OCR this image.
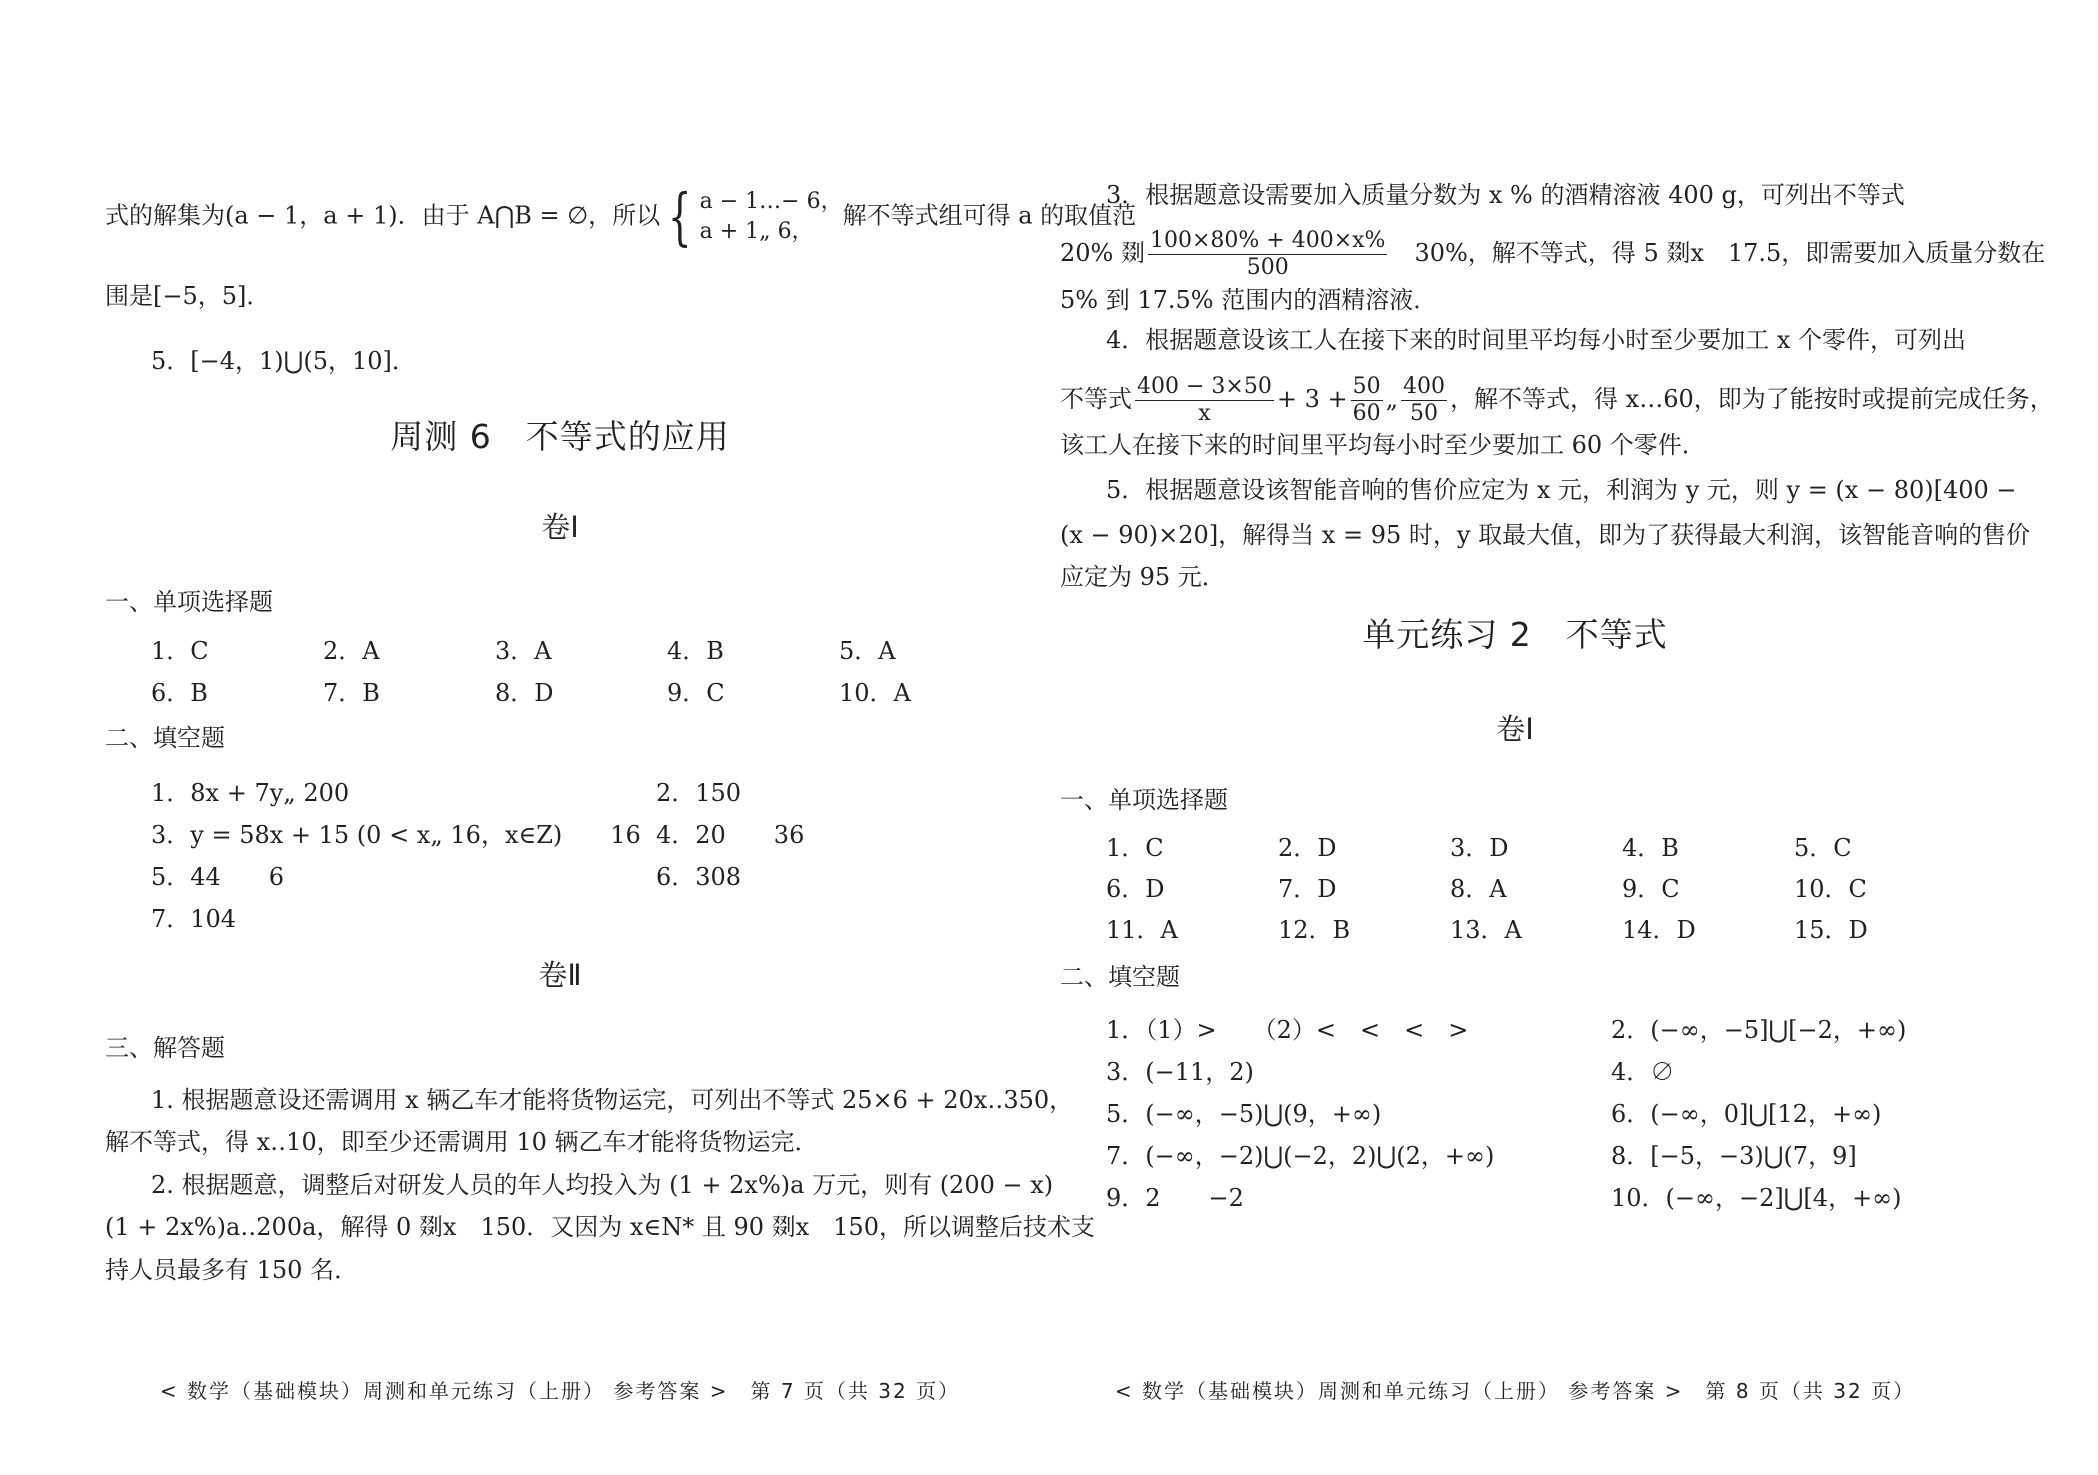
式的解集为(a − 1，a + 1)．由于 A⋂B = ∅，所以 { a − 1…− 6，
a + 1„ 6，
解不等式组可得 a 的取值范
围是[−5，5]．
5．[−4，1)⋃(5，10]．
周测 6　不等式的应用
卷Ⅰ
一、单项选择题
1．C	2．A	3．A	4．B	5．A
6．B	7．B	8．D	9．C	10．A
二、填空题
1．8x + 7y„ 200	2．150
3．y = 58x + 15 (0 < x„ 16，x∈Z)　　16 4．20　　36
5．44　　6	6．308
7．104
卷Ⅱ
三、解答题
1. 根据题意设还需调用 x 辆乙车才能将货物运完，可列出不等式 25×6 + 20x‥350，
解不等式，得 x‥10，即至少还需调用 10 辆乙车才能将货物运完．
2. 根据题意，调整后对研发人员的年人均投入为 (1 + 2x%)a 万元，则有 (200 − x)
(1 + 2x%)a‥200a，解得 0 剟x　150．又因为 x∈N* 且 90 剟x　150，所以调整后技术支
持人员最多有 150 名．
< 数学（基础模块）周测和单元练习（上册） 参考答案 >　第 7 页（共 32 页）
3．根据题意设需要加入质量分数为 x % 的酒精溶液 400 g，可列出不等式
20% 剟 $\frac{100\times 80\% + 400\times x\%}{500}$ 　30%，解不等式，得 5 剟x　17.5，即需要加入质量分数在
5% 到 17.5% 范围内的酒精溶液．
4．根据题意设该工人在接下来的时间里平均每小时至少要加工 x 个零件，可列出
不等式 $\frac{400 - 3\times 50}{x} + 3 + \frac{50}{60}$ „ $\frac{400}{50}$ ，解不等式，得 x…60，即为了能按时或提前完成任务，
该工人在接下来的时间里平均每小时至少要加工 60 个零件．
5．根据题意设该智能音响的售价应定为 x 元，利润为 y 元，则 y = (x − 80)[400 −
(x − 90)×20]，解得当 x = 95 时，y 取最大值，即为了获得最大利润，该智能音响的售价
应定为 95 元．
单元练习 2　不等式
卷Ⅰ
一、单项选择题
1．C	2．D	3．D	4．B	5．C
6．D	7．D	8．A	9．C	10．C
11．A	12．B	13．A	14．D	15．D
二、填空题
1．（1）>　　（2）<　<　<　>	2．(−∞，−5]⋃[−2，+∞)
3．(−11，2)	4．∅
5．(−∞，−5)⋃(9，+∞)	6．(−∞，0]⋃[12，+∞)
7．(−∞，−2)⋃(−2，2)⋃(2，+∞)	8．[−5，−3)⋃(7，9]
9．2　　−2	10．(−∞，−2]⋃[4，+∞)
< 数学（基础模块）周测和单元练习（上册） 参考答案 >　第 8 页（共 32 页）
